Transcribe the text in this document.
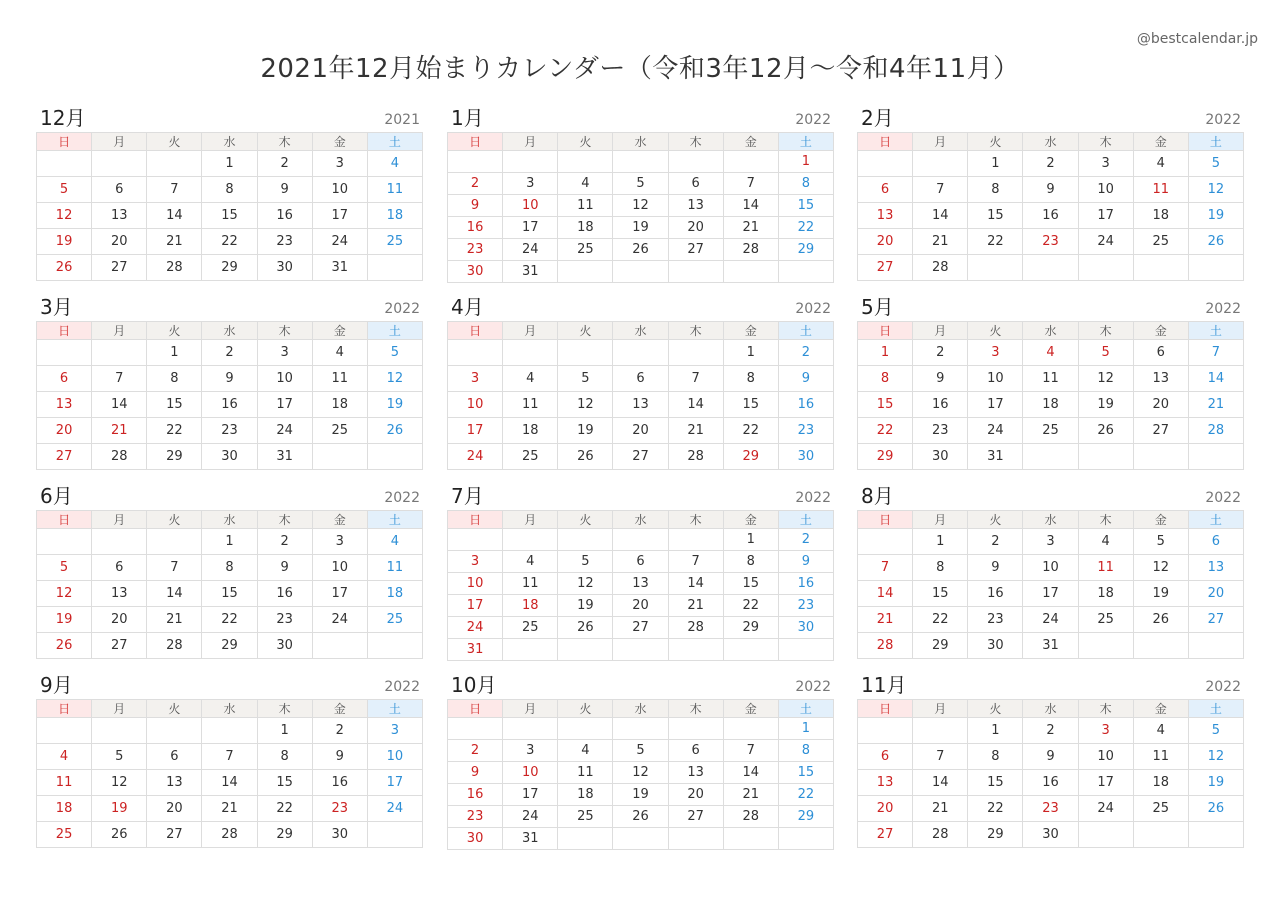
@bestcalendar.jp
2021年12月始まりカレンダー（令和3年12月〜令和4年11月）
12月	2021
日	月	火	水	木	金	土
			1	2	3	4
5	6	7	8	9	10	11
12	13	14	15	16	17	18
19	20	21	22	23	24	25
26	27	28	29	30	31	
1月	2022
日	月	火	水	木	金	土
						1
2	3	4	5	6	7	8
9	10	11	12	13	14	15
16	17	18	19	20	21	22
23	24	25	26	27	28	29
30	31					
2月	2022
日	月	火	水	木	金	土
		1	2	3	4	5
6	7	8	9	10	11	12
13	14	15	16	17	18	19
20	21	22	23	24	25	26
27	28					
3月	2022
日	月	火	水	木	金	土
		1	2	3	4	5
6	7	8	9	10	11	12
13	14	15	16	17	18	19
20	21	22	23	24	25	26
27	28	29	30	31		
4月	2022
日	月	火	水	木	金	土
					1	2
3	4	5	6	7	8	9
10	11	12	13	14	15	16
17	18	19	20	21	22	23
24	25	26	27	28	29	30
5月	2022
日	月	火	水	木	金	土
1	2	3	4	5	6	7
8	9	10	11	12	13	14
15	16	17	18	19	20	21
22	23	24	25	26	27	28
29	30	31				
6月	2022
日	月	火	水	木	金	土
			1	2	3	4
5	6	7	8	9	10	11
12	13	14	15	16	17	18
19	20	21	22	23	24	25
26	27	28	29	30		
7月	2022
日	月	火	水	木	金	土
					1	2
3	4	5	6	7	8	9
10	11	12	13	14	15	16
17	18	19	20	21	22	23
24	25	26	27	28	29	30
31						
8月	2022
日	月	火	水	木	金	土
	1	2	3	4	5	6
7	8	9	10	11	12	13
14	15	16	17	18	19	20
21	22	23	24	25	26	27
28	29	30	31			
9月	2022
日	月	火	水	木	金	土
				1	2	3
4	5	6	7	8	9	10
11	12	13	14	15	16	17
18	19	20	21	22	23	24
25	26	27	28	29	30	
10月	2022
日	月	火	水	木	金	土
						1
2	3	4	5	6	7	8
9	10	11	12	13	14	15
16	17	18	19	20	21	22
23	24	25	26	27	28	29
30	31					
11月	2022
日	月	火	水	木	金	土
		1	2	3	4	5
6	7	8	9	10	11	12
13	14	15	16	17	18	19
20	21	22	23	24	25	26
27	28	29	30			
